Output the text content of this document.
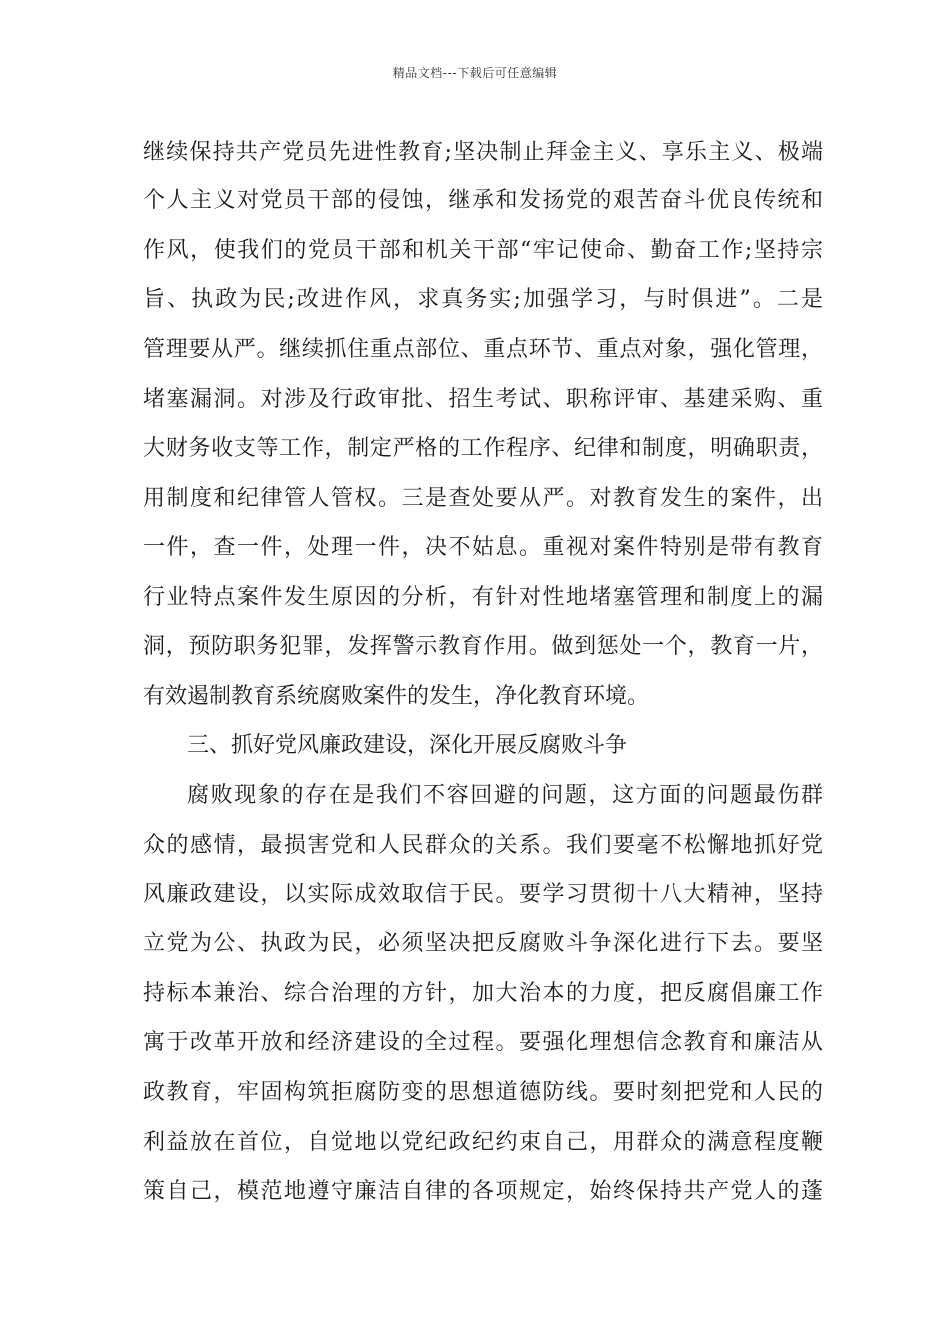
精品文档---下载后可任意编辑
继续保持共产党员先进性教育;坚决制止拜金主义、享乐主义、极端
个人主义对党员干部的侵蚀，继承和发扬党的艰苦奋斗优良传统和
作风，使我们的党员干部和机关干部“牢记使命、勤奋工作;坚持宗
旨、执政为民;改进作风，求真务实;加强学习，与时俱进”。二是
管理要从严。继续抓住重点部位、重点环节、重点对象，强化管理，
堵塞漏洞。对涉及行政审批、招生考试、职称评审、基建采购、重
大财务收支等工作，制定严格的工作程序、纪律和制度，明确职责，
用制度和纪律管人管权。三是查处要从严。对教育发生的案件，出
一件，查一件，处理一件，决不姑息。重视对案件特别是带有教育
行业特点案件发生原因的分析，有针对性地堵塞管理和制度上的漏
洞，预防职务犯罪，发挥警示教育作用。做到惩处一个，教育一片，
有效遏制教育系统腐败案件的发生，净化教育环境。
三、抓好党风廉政建设，深化开展反腐败斗争
腐败现象的存在是我们不容回避的问题，这方面的问题最伤群
众的感情，最损害党和人民群众的关系。我们要毫不松懈地抓好党
风廉政建设，以实际成效取信于民。要学习贯彻十八大精神，坚持
立党为公、执政为民，必须坚决把反腐败斗争深化进行下去。要坚
持标本兼治、综合治理的方针，加大治本的力度，把反腐倡廉工作
寓于改革开放和经济建设的全过程。要强化理想信念教育和廉洁从
政教育，牢固构筑拒腐防变的思想道德防线。要时刻把党和人民的
利益放在首位，自觉地以党纪政纪约束自己，用群众的满意程度鞭
策自己，模范地遵守廉洁自律的各项规定，始终保持共产党人的蓬
